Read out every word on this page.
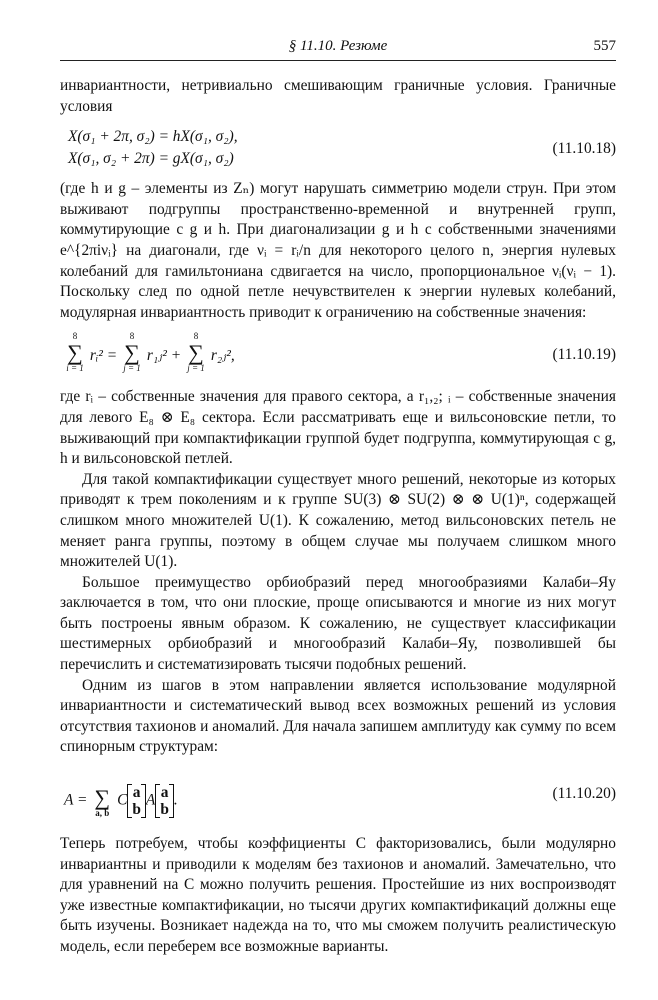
§ 11.10. Резюме	557

инвариантности, нетривиально смешивающим граничные условия. Граничные условия

X(σ₁ + 2π, σ₂) = hX(σ₁, σ₂),
X(σ₁, σ₂ + 2π) = gX(σ₁, σ₂)
(11.10.18)

(где h и g – элементы из Zₙ) могут нарушать симметрию модели струн. При этом выживают подгруппы пространственно-временной и внутренней групп, коммутирующие с g и h. При диагонализации g и h с собственными значениями e^{2πiνᵢ} на диагонали, где νᵢ = rᵢ/n для некоторого целого n, энергия нулевых колебаний для гамильтониана сдвигается на число, пропорциональное νᵢ(νᵢ − 1). Поскольку след по одной петле нечувствителен к энергии нулевых колебаний, модулярная инвариантность приводит к ограничению на собственные значения:

8
∑
i = 1
rᵢ² =
8
∑
j = 1
r₁ⱼ² +
8
∑
j = 1
r₂ⱼ²,	(11.10.19)

где rᵢ – собственные значения для правого сектора, а r₁,₂; ᵢ – собственные значения для левого E₈ ⊗ E₈ сектора. Если рассматривать еще и вильсоновские петли, то выживающий при компактификации группой будет подгруппа, коммутирующая с g, h и вильсоновской петлей.

Для такой компактификации существует много решений, некоторые из которых приводят к трем поколениям и к группе SU(3) ⊗ SU(2) ⊗ ⊗ U(1)ⁿ, содержащей слишком много множителей U(1). К сожалению, метод вильсоновских петель не меняет ранга группы, поэтому в общем случае мы получаем слишком много множителей U(1).

Большое преимущество орбиобразий перед многообразиями Калаби–Яу заключается в том, что они плоские, проще описываются и многие из них могут быть построены явным образом. К сожалению, не существует классификации шестимерных орбиобразий и многообразий Калаби–Яу, позволившей бы перечислить и систематизировать тысячи подобных решений.

Одним из шагов в этом направлении является использование модулярной инвариантности и систематический вывод всех возможных решений из условия отсутствия тахионов и аномалий. Для начала запишем амплитуду как сумму по всем спинорным структурам:

A = ∑
a, b
C a
b
A a
b
.	(11.10.20)

Теперь потребуем, чтобы коэффициенты C факторизовались, были модулярно инвариантны и приводили к моделям без тахионов и аномалий. Замечательно, что для уравнений на C можно получить решения. Простейшие из них воспроизводят уже известные компактификации, но тысячи других компактификаций должны еще быть изучены. Возникает надежда на то, что мы сможем получить реалистическую модель, если переберем все возможные варианты.
